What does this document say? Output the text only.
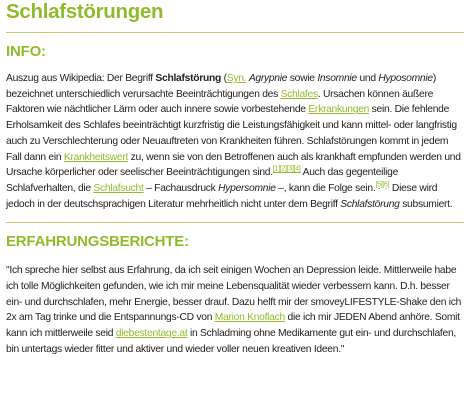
Schlafstörungen
INFO:

Auszug aus Wikipedia: Der Begriff Schlafstörung (Syn. Agrypnie sowie Insomnie und Hyposomnie) bezeichnet unterschiedlich verursachte Beeinträchtigungen des Schlafes. Ursachen können äußere Faktoren wie nächtlicher Lärm oder auch innere sowie vorbestehende Erkrankungen sein. Die fehlende Erholsamkeit des Schlafes beeinträchtigt kurzfristig die Leistungsfähigkeit und kann mittel- oder langfristig auch zu Verschlechterung oder Neuauftreten von Krankheiten führen. Schlafstörungen kommt in jedem Fall dann ein Krankheitswert zu, wenn sie von den Betroffenen auch als krankhaft empfunden werden und Ursache körperlicher oder seelischer Beeinträchtigungen sind.[1][2][3][4] Auch das gegenteilige Schlafverhalten, die Schlafsucht – Fachausdruck Hypersomnie –, kann die Folge sein.[5][6] Diese wird jedoch in der deutschsprachigen Literatur mehrheitlich nicht unter dem Begriff Schlafstörung subsumiert.

ERFAHRUNGSBERICHTE:

"Ich spreche hier selbst aus Erfahrung, da ich seit einigen Wochen an Depression leide. Mittlerweile habe ich tolle Möglichkeiten gefunden, wie ich mir meine Lebensqualität wieder verbessern kann. D.h. besser ein- und durchschlafen, mehr Energie, besser drauf. Dazu helft mir der smoveyLIFESTYLE-Shake den ich 2x am Tag trinke und die Entspannungs-CD von Marion Knoflach die ich mir JEDEN Abend anhöre. Somit kann ich mittlerweile seid diebestentage.at in Schladming ohne Medikamente gut ein- und durchschlafen, bin untertags wieder fitter und aktiver und wieder voller neuen kreativen Ideen."
